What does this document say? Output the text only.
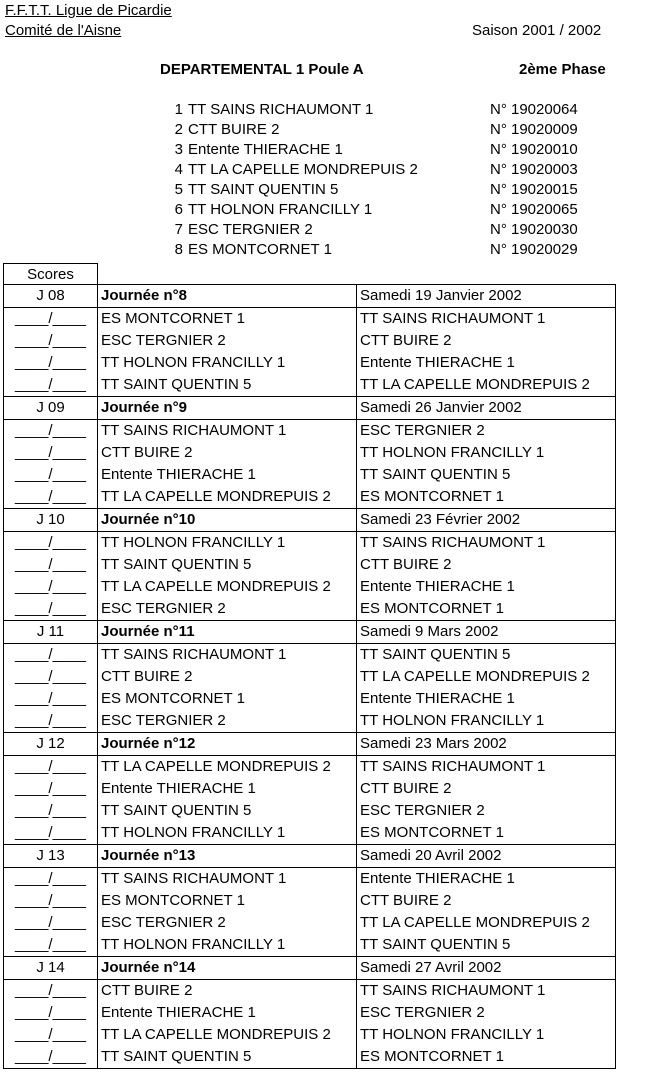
F.F.T.T. Ligue de Picardie
Comité de l'Aisne	Saison 2001 / 2002
DEPARTEMENTAL 1 Poule A	2ème Phase
1 TT SAINS RICHAUMONT 1	N° 19020064
2 CTT BUIRE 2	N° 19020009
3 Entente THIERACHE 1	N° 19020010
4 TT LA CAPELLE MONDREPUIS 2	N° 19020003
5 TT SAINT QUENTIN 5	N° 19020015
6 TT HOLNON FRANCILLY 1	N° 19020065
7 ESC TERGNIER 2	N° 19020030
8 ES MONTCORNET 1	N° 19020029
Scores
J 08	Journée n°8	Samedi 19 Janvier 2002
____/____	ES MONTCORNET 1	TT SAINS RICHAUMONT 1
____/____	ESC TERGNIER 2	CTT BUIRE 2
____/____	TT HOLNON FRANCILLY 1	Entente THIERACHE 1
____/____	TT SAINT QUENTIN 5	TT LA CAPELLE MONDREPUIS 2
J 09	Journée n°9	Samedi 26 Janvier 2002
____/____	TT SAINS RICHAUMONT 1	ESC TERGNIER 2
____/____	CTT BUIRE 2	TT HOLNON FRANCILLY 1
____/____	Entente THIERACHE 1	TT SAINT QUENTIN 5
____/____	TT LA CAPELLE MONDREPUIS 2	ES MONTCORNET 1
J 10	Journée n°10	Samedi 23 Février 2002
____/____	TT HOLNON FRANCILLY 1	TT SAINS RICHAUMONT 1
____/____	TT SAINT QUENTIN 5	CTT BUIRE 2
____/____	TT LA CAPELLE MONDREPUIS 2	Entente THIERACHE 1
____/____	ESC TERGNIER 2	ES MONTCORNET 1
J 11	Journée n°11	Samedi 9 Mars 2002
____/____	TT SAINS RICHAUMONT 1	TT SAINT QUENTIN 5
____/____	CTT BUIRE 2	TT LA CAPELLE MONDREPUIS 2
____/____	ES MONTCORNET 1	Entente THIERACHE 1
____/____	ESC TERGNIER 2	TT HOLNON FRANCILLY 1
J 12	Journée n°12	Samedi 23 Mars 2002
____/____	TT LA CAPELLE MONDREPUIS 2	TT SAINS RICHAUMONT 1
____/____	Entente THIERACHE 1	CTT BUIRE 2
____/____	TT SAINT QUENTIN 5	ESC TERGNIER 2
____/____	TT HOLNON FRANCILLY 1	ES MONTCORNET 1
J 13	Journée n°13	Samedi 20 Avril 2002
____/____	TT SAINS RICHAUMONT 1	Entente THIERACHE 1
____/____	ES MONTCORNET 1	CTT BUIRE 2
____/____	ESC TERGNIER 2	TT LA CAPELLE MONDREPUIS 2
____/____	TT HOLNON FRANCILLY 1	TT SAINT QUENTIN 5
J 14	Journée n°14	Samedi 27 Avril 2002
____/____	CTT BUIRE 2	TT SAINS RICHAUMONT 1
____/____	Entente THIERACHE 1	ESC TERGNIER 2
____/____	TT LA CAPELLE MONDREPUIS 2	TT HOLNON FRANCILLY 1
____/____	TT SAINT QUENTIN 5	ES MONTCORNET 1
